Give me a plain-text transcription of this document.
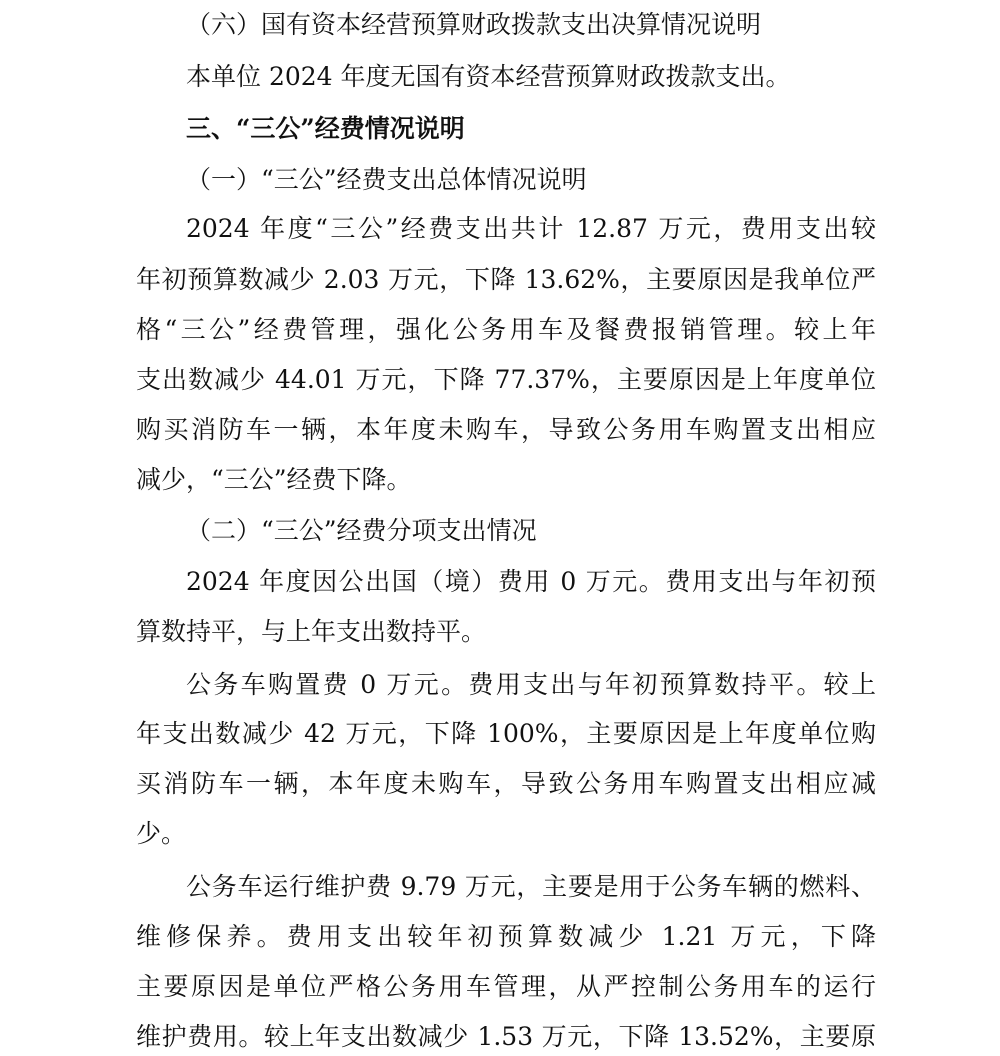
（六）国有资本经营预算财政拨款支出决算情况说明
本单位 2024 年度无国有资本经营预算财政拨款支出。
三、“三公”经费情况说明
（一）“三公”经费支出总体情况说明
2024 年度“三公”经费支出共计 12.87 万元，费用支出较
年初预算数减少 2.03 万元，下降 13.62%，主要原因是我单位严
格“三公”经费管理，强化公务用车及餐费报销管理。较上年
支出数减少 44.01 万元，下降 77.37%，主要原因是上年度单位
购买消防车一辆，本年度未购车，导致公务用车购置支出相应
减少，“三公”经费下降。
（二）“三公”经费分项支出情况
2024 年度因公出国（境）费用 0 万元。费用支出与年初预
算数持平，与上年支出数持平。
公务车购置费 0 万元。费用支出与年初预算数持平。较上
年支出数减少 42 万元，下降 100%，主要原因是上年度单位购
买消防车一辆，本年度未购车，导致公务用车购置支出相应减
少。
公务车运行维护费 9.79 万元，主要是用于公务车辆的燃料、
维修保养。费用支出较年初预算数减少 1.21 万元，下降
主要原因是单位严格公务用车管理，从严控制公务用车的运行
维护费用。较上年支出数减少 1.53 万元，下降 13.52%，主要原
